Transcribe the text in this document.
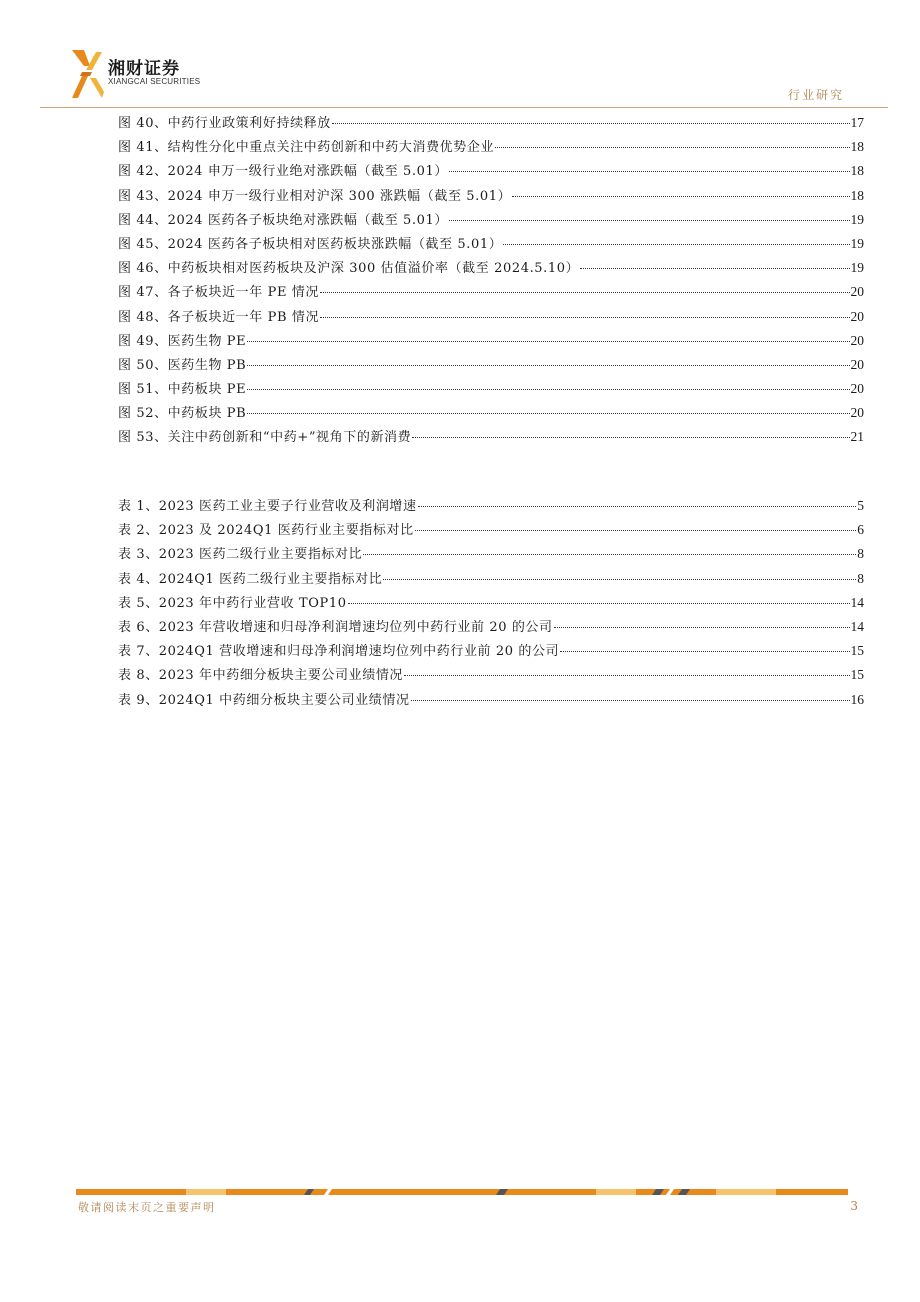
湘财证券
XIANGCAI SECURITIES
行业研究
图 40、中药行业政策利好持续释放	17
图 41、结构性分化中重点关注中药创新和中药大消费优势企业	18
图 42、2024 申万一级行业绝对涨跌幅（截至 5.01）	18
图 43、2024 申万一级行业相对沪深 300 涨跌幅（截至 5.01）	18
图 44、2024 医药各子板块绝对涨跌幅（截至 5.01）	19
图 45、2024 医药各子板块相对医药板块涨跌幅（截至 5.01）	19
图 46、中药板块相对医药板块及沪深 300 估值溢价率（截至 2024.5.10）	19
图 47、各子板块近一年 PE 情况	20
图 48、各子板块近一年 PB 情况	20
图 49、医药生物 PE	20
图 50、医药生物 PB	20
图 51、中药板块 PE	20
图 52、中药板块 PB	20
图 53、关注中药创新和“中药+”视角下的新消费	21
表 1、2023 医药工业主要子行业营收及利润增速	5
表 2、2023 及 2024Q1 医药行业主要指标对比	6
表 3、2023 医药二级行业主要指标对比	8
表 4、2024Q1 医药二级行业主要指标对比	8
表 5、2023 年中药行业营收 TOP10	14
表 6、2023 年营收增速和归母净利润增速均位列中药行业前 20 的公司	14
表 7、2024Q1 营收增速和归母净利润增速均位列中药行业前 20 的公司	15
表 8、2023 年中药细分板块主要公司业绩情况	15
表 9、2024Q1 中药细分板块主要公司业绩情况	16
敬请阅读末页之重要声明	3
